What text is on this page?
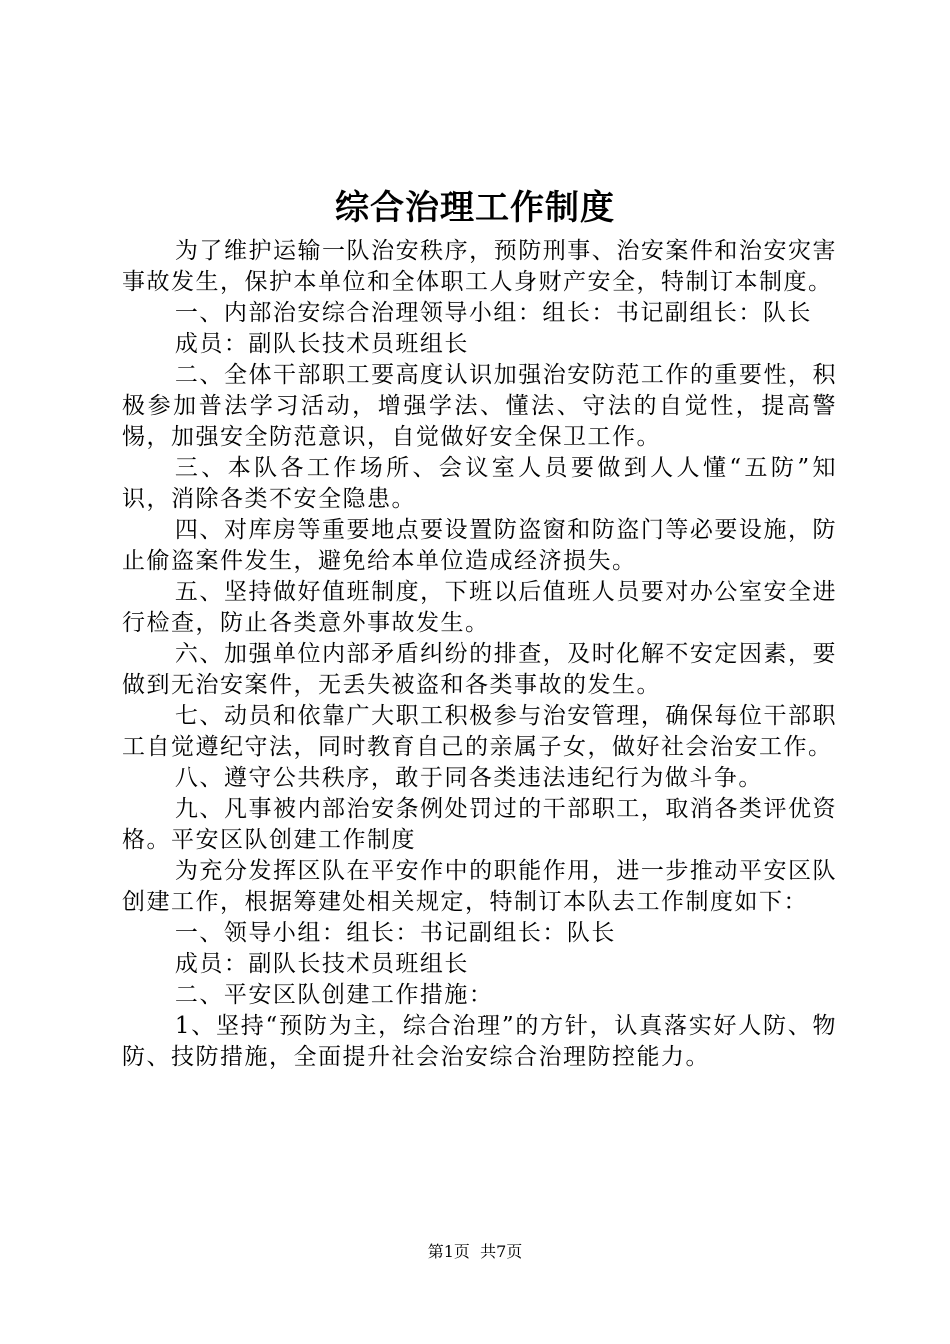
综合治理工作制度

为了维护运输一队治安秩序，预防刑事、治安案件和治安灾害事故发生，保护本单位和全体职工人身财产安全，特制订本制度。

一、内部治安综合治理领导小组：组长：书记副组长：队长

成员：副队长技术员班组长

二、全体干部职工要高度认识加强治安防范工作的重要性，积极参加普法学习活动，增强学法、懂法、守法的自觉性，提高警惕，加强安全防范意识，自觉做好安全保卫工作。

三、本队各工作场所、会议室人员要做到人人懂“五防”知识，消除各类不安全隐患。

四、对库房等重要地点要设置防盗窗和防盗门等必要设施，防止偷盗案件发生，避免给本单位造成经济损失。

五、坚持做好值班制度，下班以后值班人员要对办公室安全进行检查，防止各类意外事故发生。

六、加强单位内部矛盾纠纷的排查，及时化解不安定因素，要做到无治安案件，无丢失被盗和各类事故的发生。

七、动员和依靠广大职工积极参与治安管理，确保每位干部职工自觉遵纪守法，同时教育自己的亲属子女，做好社会治安工作。

八、遵守公共秩序，敢于同各类违法违纪行为做斗争。

九、凡事被内部治安条例处罚过的干部职工，取消各类评优资格。平安区队创建工作制度

为充分发挥区队在平安作中的职能作用，进一步推动平安区队创建工作，根据筹建处相关规定，特制订本队去工作制度如下：

一、领导小组：组长：书记副组长：队长

成员：副队长技术员班组长

二、平安区队创建工作措施：

1、坚持“预防为主，综合治理”的方针，认真落实好人防、物防、技防措施，全面提升社会治安综合治理防控能力。

第1页  共7页
